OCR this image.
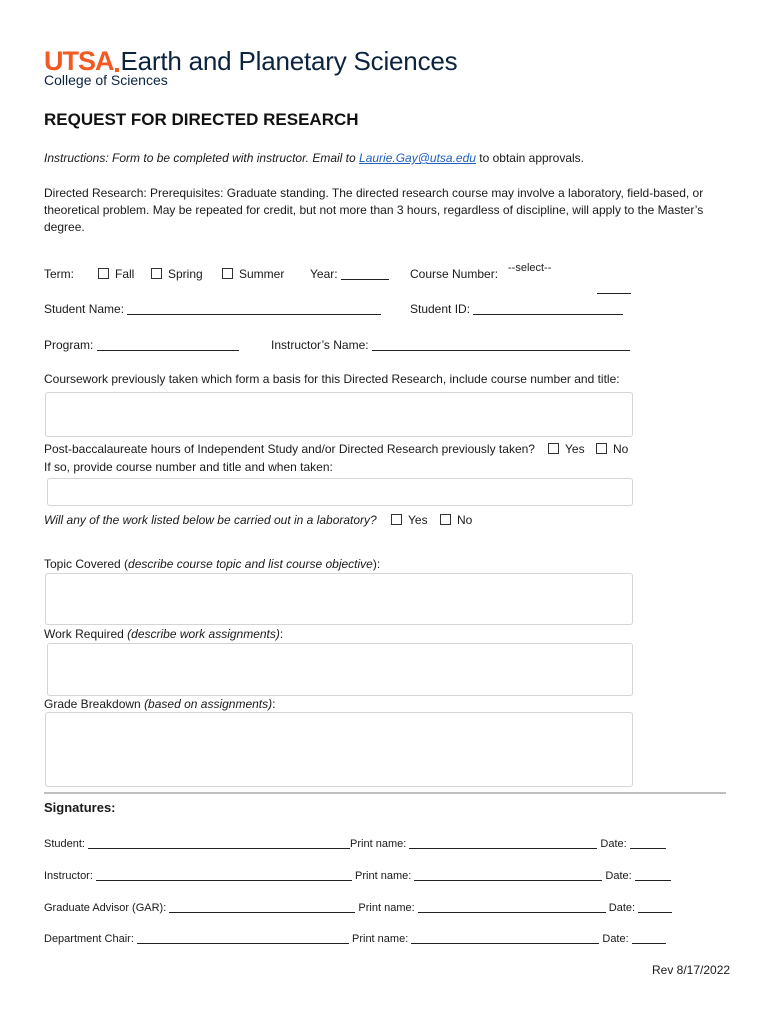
UTSA Earth and Planetary Sciences
College of Sciences
REQUEST FOR DIRECTED RESEARCH
Instructions: Form to be completed with instructor. Email to Laurie.Gay@utsa.edu to obtain approvals.
Directed Research: Prerequisites: Graduate standing. The directed research course may involve a laboratory, field-based, or theoretical problem. May be repeated for credit, but not more than 3 hours, regardless of discipline, will apply to the Master’s degree.
Term:	Fall	Spring	Summer Year:	Course Number: --select--
Student Name:	Student ID:
Program:	Instructor’s Name:
Coursework previously taken which form a basis for this Directed Research, include course number and title:
Post-baccalaureate hours of Independent Study and/or Directed Research previously taken?	Yes	No
If so, provide course number and title and when taken:
Will any of the work listed below be carried out in a laboratory?	Yes	No
Topic Covered (describe course topic and list course objective):
Work Required (describe work assignments):
Grade Breakdown (based on assignments):
Signatures:
Student:	Print name:	Date:
Instructor:	Print name:	Date:
Graduate Advisor (GAR):	Print name:	Date:
Department Chair:	Print name:	Date:
Rev 8/17/2022
